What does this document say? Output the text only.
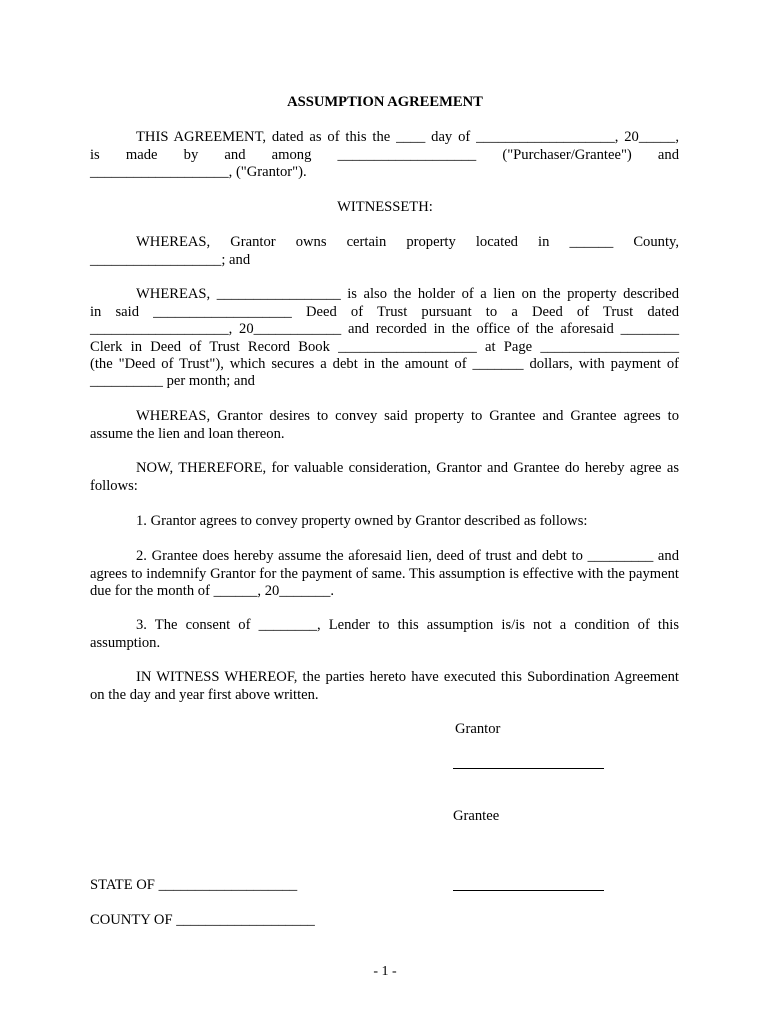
ASSUMPTION AGREEMENT
THIS AGREEMENT, dated as of this the ____ day of ___________________, 20_____,
is made by and among ___________________ ("Purchaser/Grantee") and
___________________, ("Grantor").
WITNESSETH:
WHEREAS, Grantor owns certain property located in ______ County,
__________________; and
WHEREAS, _________________ is also the holder of a lien on the property described
in said ___________________ Deed of Trust pursuant to a Deed of Trust dated
___________________, 20____________ and recorded in the office of the aforesaid ________
Clerk in Deed of Trust Record Book ___________________ at Page ___________________
(the "Deed of Trust"), which secures a debt in the amount of _______ dollars, with payment of
__________ per month; and
WHEREAS, Grantor desires to convey said property to Grantee and Grantee agrees to assume the lien and loan thereon.
NOW, THEREFORE, for valuable consideration, Grantor and Grantee do hereby agree as follows:
1. Grantor agrees to convey property owned by Grantor described as follows:
2. Grantee does hereby assume the aforesaid lien, deed of trust and debt to _________ and agrees to indemnify Grantor for the payment of same. This assumption is effective with the payment due for the month of ______, 20_______.
3. The consent of ________, Lender to this assumption is/is not a condition of this assumption.
IN WITNESS WHEREOF, the parties hereto have executed this Subordination Agreement on the day and year first above written.
Grantor
Grantee
STATE OF ___________________
COUNTY OF ___________________
- 1 -
